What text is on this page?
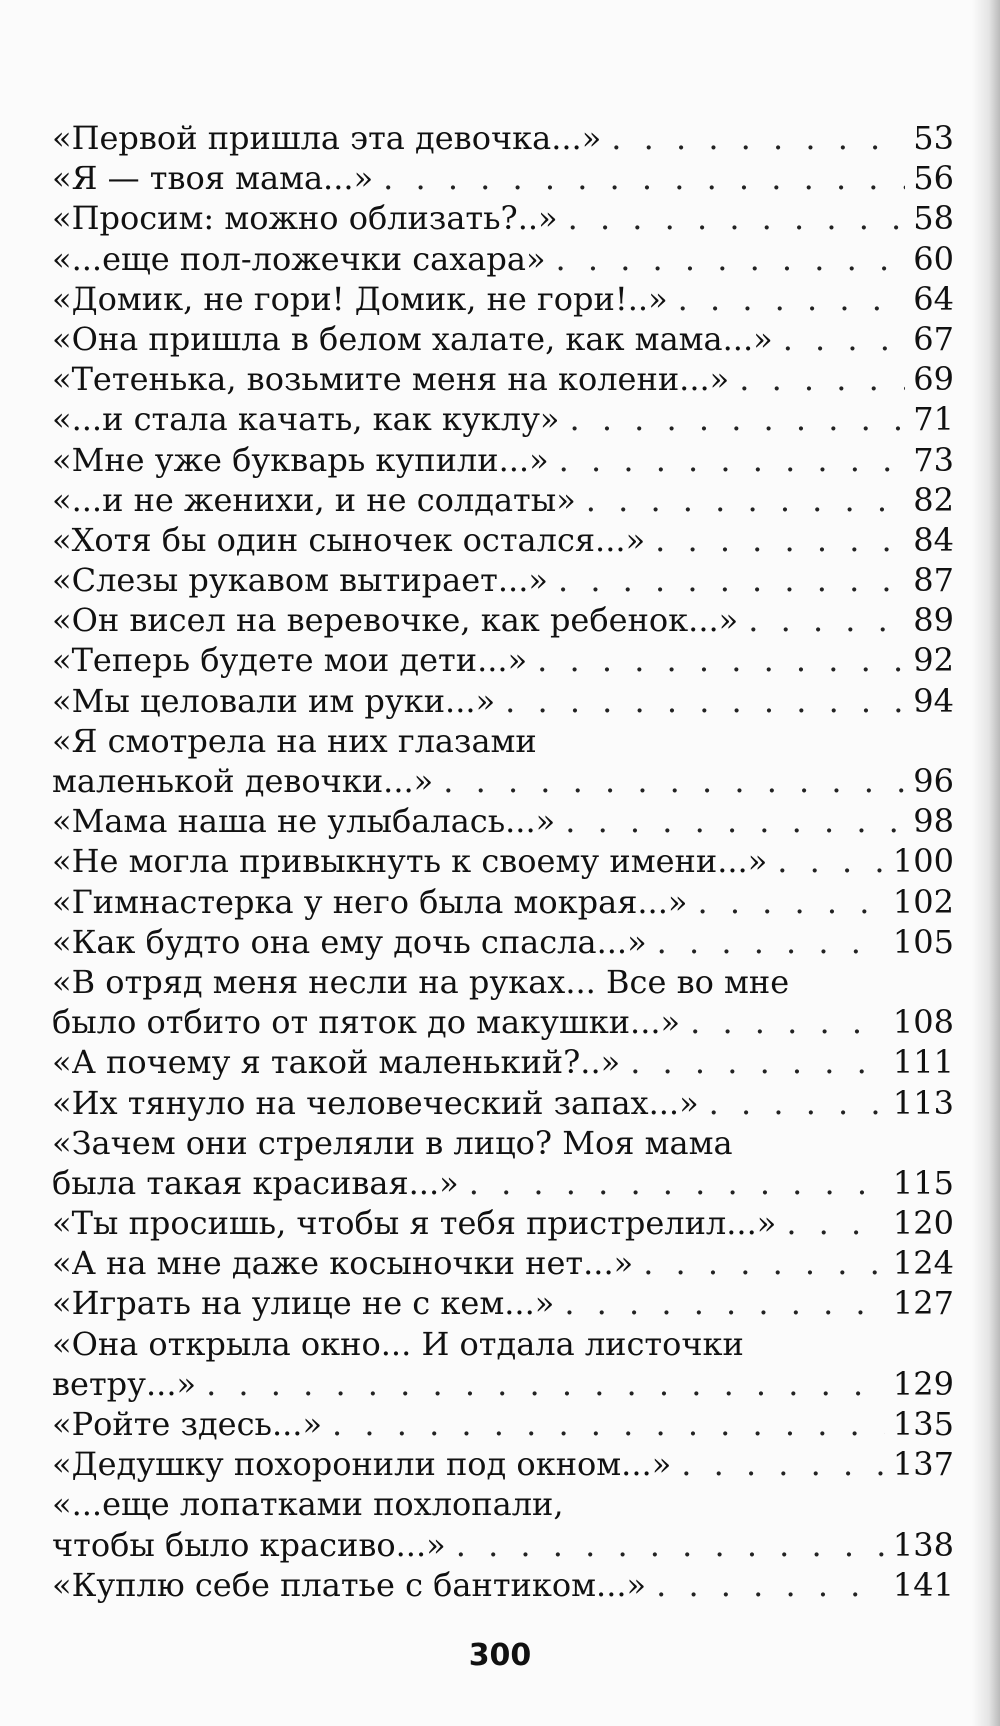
«Первой пришла эта девочка...» . . .	53
«Я — твоя мама...» . . .	56
«Просим: можно облизать?..» . . .	58
«...еще пол-ложечки сахара» . . .	60
«Домик, не гори! Домик, не гори!..» . . .	64
«Она пришла в белом халате, как мама...» . . .	67
«Тетенька, возьмите меня на колени...» . . .	69
«...и стала качать, как куклу» . . .	71
«Мне уже букварь купили...» . . .	73
«...и не женихи, и не солдаты» . . .	82
«Хотя бы один сыночек остался...» . . .	84
«Слезы рукавом вытирает...» . . .	87
«Он висел на веревочке, как ребенок...» . . .	89
«Теперь будете мои дети...» . . .	92
«Мы целовали им руки...» . . .	94
«Я смотрела на них глазами
маленькой девочки...» . . .	96
«Мама наша не улыбалась...» . . .	98
«Не могла привыкнуть к своему имени...» . . .	100
«Гимнастерка у него была мокрая...» . . .	102
«Как будто она ему дочь спасла...» . . .	105
«В отряд меня несли на руках... Все во мне
было отбито от пяток до макушки...» . . .	108
«А почему я такой маленький?..» . . .	111
«Их тянуло на человеческий запах...» . . .	113
«Зачем они стреляли в лицо? Моя мама
была такая красивая...» . . .	115
«Ты просишь, чтобы я тебя пристрелил...» . . .	120
«А на мне даже косыночки нет...» . . .	124
«Играть на улице не с кем...» . . .	127
«Она открыла окно... И отдала листочки
ветру...» . . .	129
«Ройте здесь...» . . .	135
«Дедушку похоронили под окном...» . . .	137
«...еще лопатками похлопали,
чтобы было красиво...» . . .	138
«Куплю себе платье с бантиком...» . . .	141
300
